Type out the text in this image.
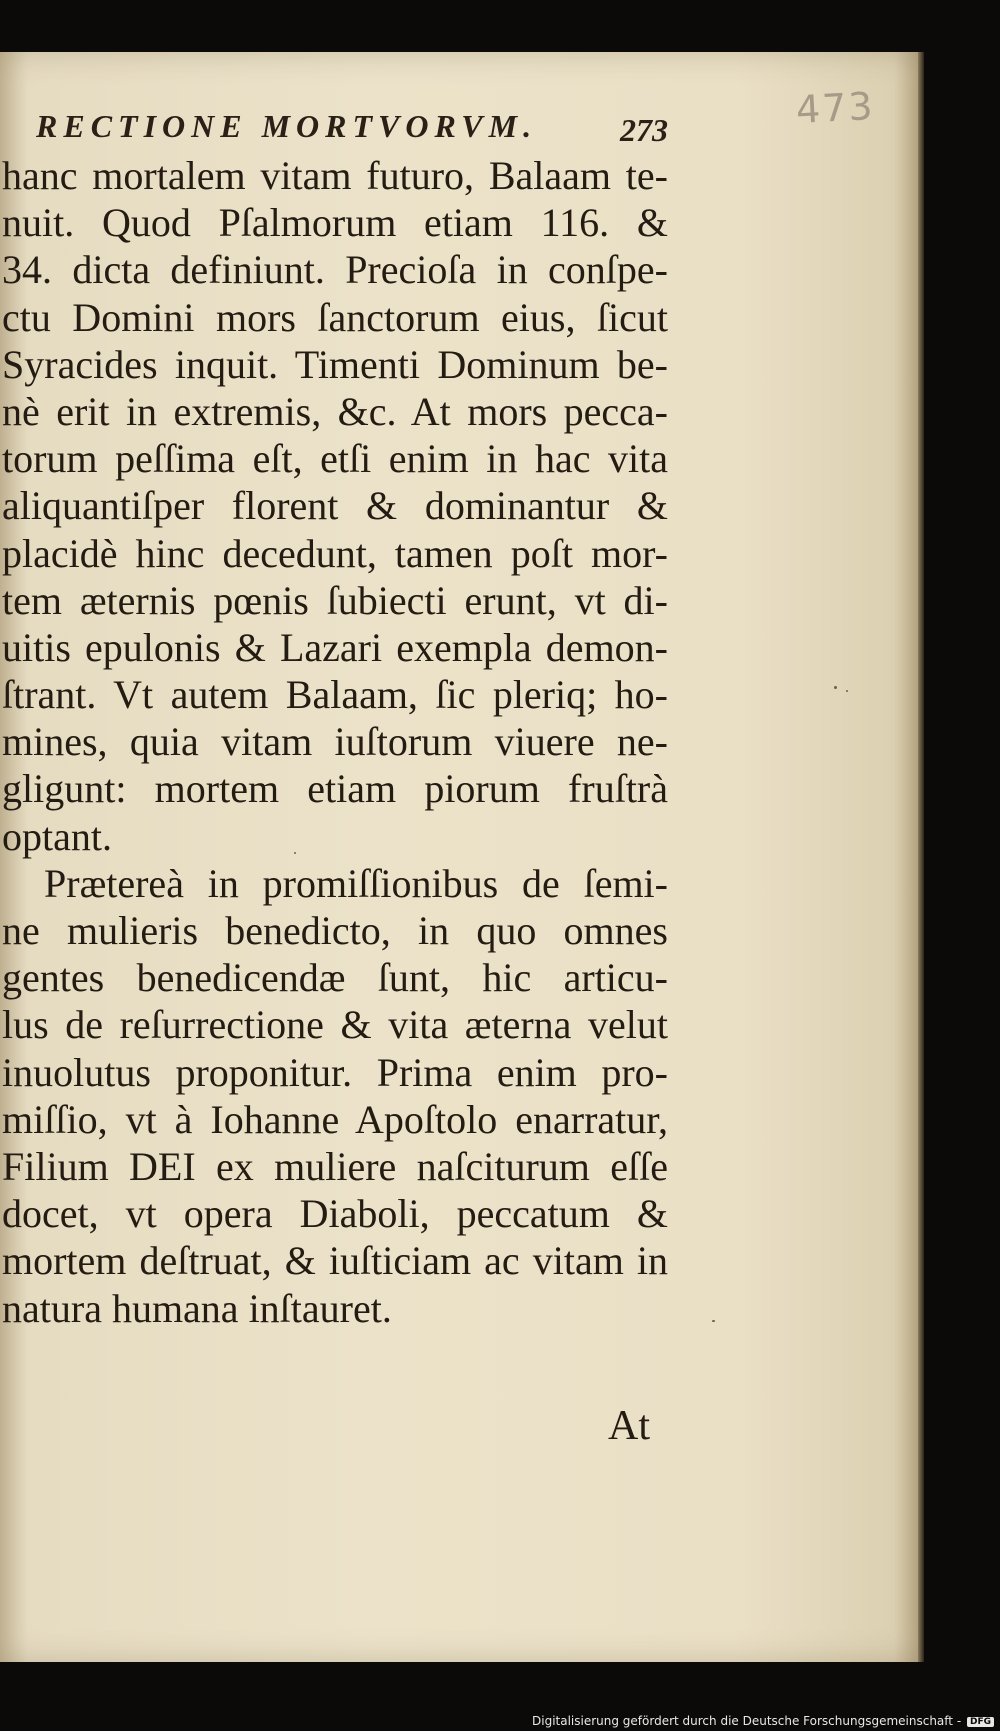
RECTIONE MORTVORVM.	273	473
hanc mortalem vitam futuro, Balaam te-
nuit. Quod Pſalmorum etiam 116. &
34. dicta definiunt. Precioſa in conſpe-
ctu Domini mors ſanctorum eius, ſicut
Syracides inquit. Timenti Dominum be-
nè erit in extremis, &c. At mors pecca-
torum peſſima eſt, etſi enim in hac vita
aliquantiſper florent & dominantur &
placidè hinc decedunt, tamen poſt mor-
tem æternis pœnis ſubiecti erunt, vt di-
uitis epulonis & Lazari exempla demon-
ſtrant. Vt autem Balaam, ſic pleriq; ho-
mines, quia vitam iuſtorum viuere ne-
gligunt: mortem etiam piorum fruſtrà
optant.
Prætereà in promiſſionibus de ſemi-
ne mulieris benedicto, in quo omnes
gentes benedicendæ ſunt, hic articu-
lus de reſurrectione & vita æterna velut
inuolutus proponitur. Prima enim pro-
miſſio, vt à Iohanne Apoſtolo enarratur,
Filium DEI ex muliere naſciturum eſſe
docet, vt opera Diaboli, peccatum &
mortem deſtruat, & iuſticiam ac vitam in
natura humana inſtauret.
At
Digitalisierung gefördert durch die Deutsche Forschungsgemeinschaft - DFG
